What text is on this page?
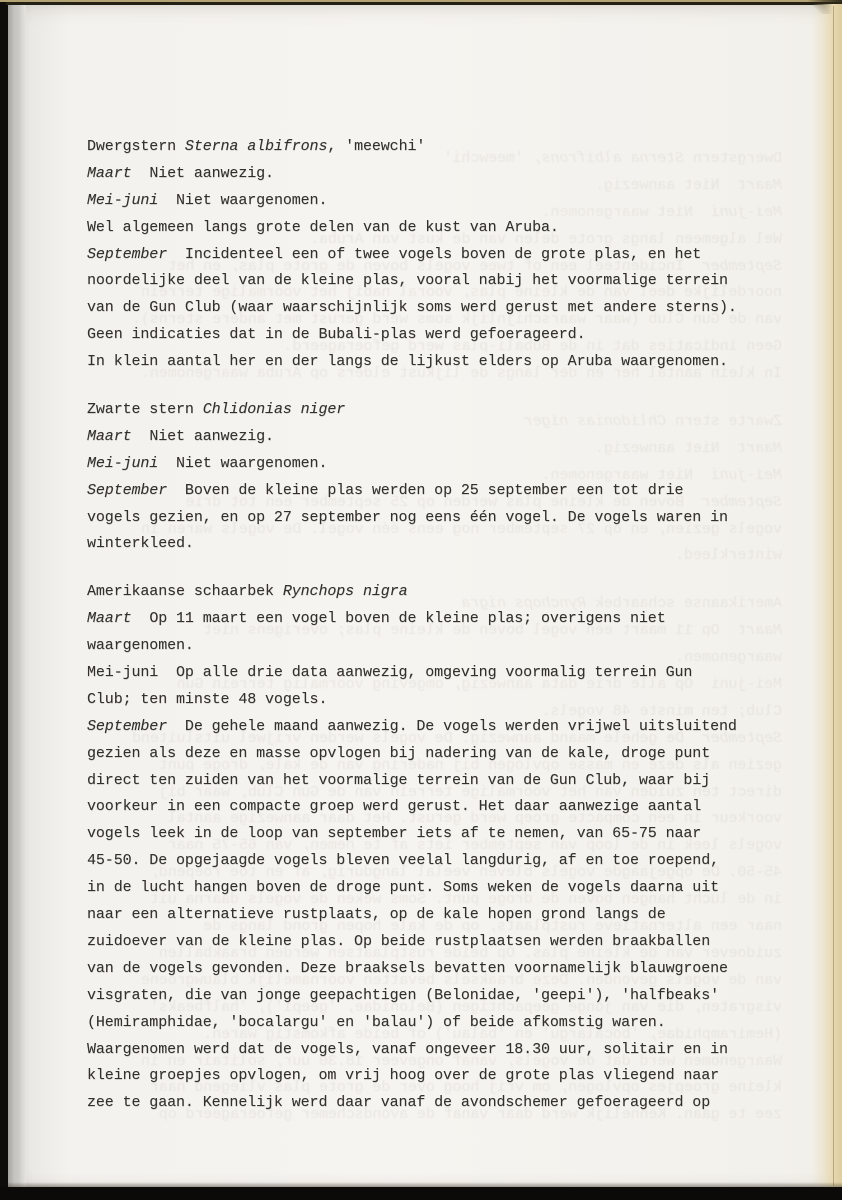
Dwergstern Sterna albifrons, 'meewchi'
Maart  Niet aanwezig.
Mei-juni  Niet waargenomen.
Wel algemeen langs grote delen van de kust van Aruba.
September  Incidenteel een of twee vogels boven de grote plas, en het
noordelijke deel van de kleine plas, vooral nabij het voormalige terrein
van de Gun Club (waar waarschijnlijk soms werd gerust met andere sterns).
Geen indicaties dat in de Bubali-plas werd gefoerageerd.
In klein aantal her en der langs de lijkust elders op Aruba waargenomen.
Zwarte stern Chlidonias niger
Maart  Niet aanwezig.
Mei-juni  Niet waargenomen.
September  Boven de kleine plas werden op 25 september een tot drie
vogels gezien, en op 27 september nog eens één vogel. De vogels waren in
winterkleed.
Amerikaanse schaarbek Rynchops nigra
Maart  Op 11 maart een vogel boven de kleine plas; overigens niet
waargenomen.
Mei-juni  Op alle drie data aanwezig, omgeving voormalig terrein Gun
Club; ten minste 48 vogels.
September  De gehele maand aanwezig. De vogels werden vrijwel uitsluitend
gezien als deze en masse opvlogen bij nadering van de kale, droge punt
direct ten zuiden van het voormalige terrein van de Gun Club, waar bij
voorkeur in een compacte groep werd gerust. Het daar aanwezige aantal
vogels leek in de loop van september iets af te nemen, van 65-75 naar
45-50. De opgejaagde vogels bleven veelal langdurig, af en toe roepend,
in de lucht hangen boven de droge punt. Soms weken de vogels daarna uit
naar een alternatieve rustplaats, op de kale hopen grond langs de
zuidoever van de kleine plas. Op beide rustplaatsen werden braakballen
van de vogels gevonden. Deze braaksels bevatten voornamelijk blauwgroene
visgraten, die van jonge geepachtigen (Belonidae, 'geepi'), 'halfbeaks'
(Hemiramphidae, 'bocalargu' en 'balau') of beide afkomstig waren.
Waargenomen werd dat de vogels, vanaf ongeveer 18.30 uur, solitair en in
kleine groepjes opvlogen, om vrij hoog over de grote plas vliegend naar
zee te gaan. Kennelijk werd daar vanaf de avondschemer gefoerageerd op
